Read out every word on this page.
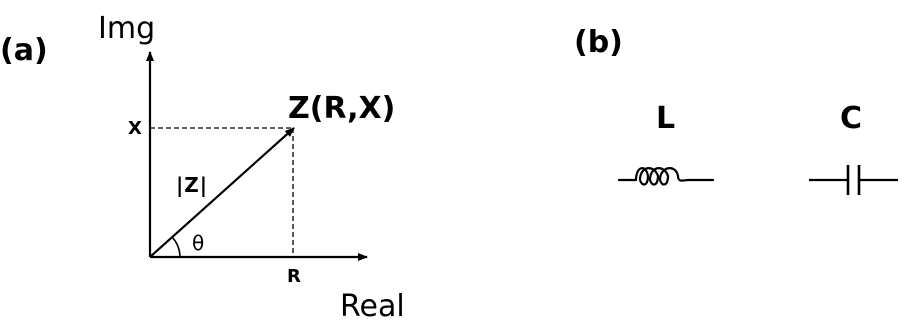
(a)
Img
Real
θ
Z(R,X)
X
R
|Z|
(b)
L	C
